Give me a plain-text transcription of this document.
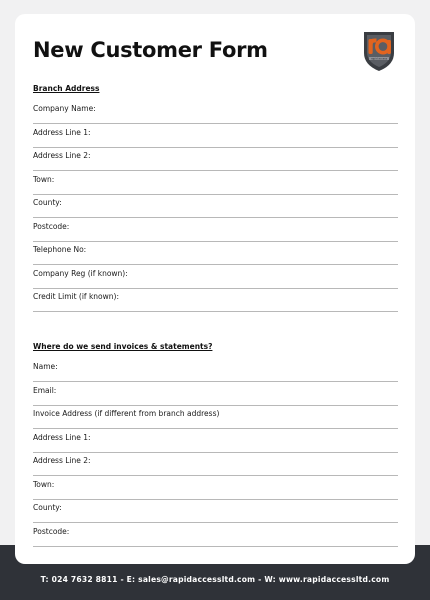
T: 024 7632 8811 - E: sales@rapidaccessltd.com - W: www.rapidaccessltd.com
New Customer Form	rapid access
Branch Address
Company Name:
Address Line 1:
Address Line 2:
Town:
County:
Postcode:
Telephone No:
Company Reg (if known):
Credit Limit (if known):
Where do we send invoices & statements?
Name:
Email:
Invoice Address (if different from branch address)
Address Line 1:
Address Line 2:
Town:
County:
Postcode:
